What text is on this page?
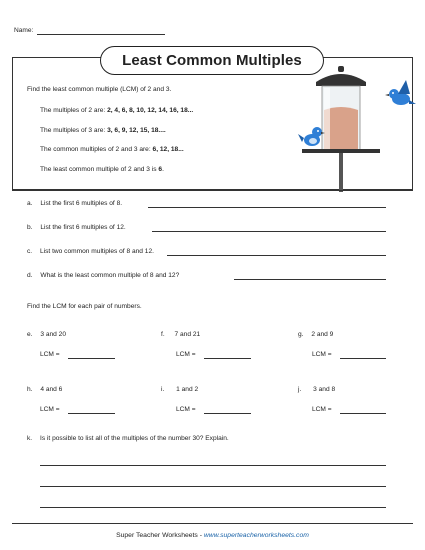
Name:
Least Common Multiples
Find the least common multiple (LCM) of 2 and 3.
The multiples of 2 are: 2, 4, 6, 8, 10, 12, 14, 16, 18...
The multiples of 3 are: 3, 6, 9, 12, 15, 18....
The common multiples of 2 and 3 are: 6, 12, 18...
The least common multiple of 2 and 3 is 6.
a. List the first 6 multiples of 8.
b. List the first 6 multiples of 12.
c. List two common multiples of 8 and 12.
d. What is the least common multiple of 8 and 12?
Find the LCM for each pair of numbers.
e. 3 and 20
LCM =
f. 7 and 21
LCM =
g. 2 and 9
LCM =
h. 4 and 6
LCM =
i. 1 and 2
LCM =
j. 3 and 8
LCM =
k. Is it possible to list all of the multiples of the number 30? Explain.
Super Teacher Worksheets - www.superteacherworksheets.com
